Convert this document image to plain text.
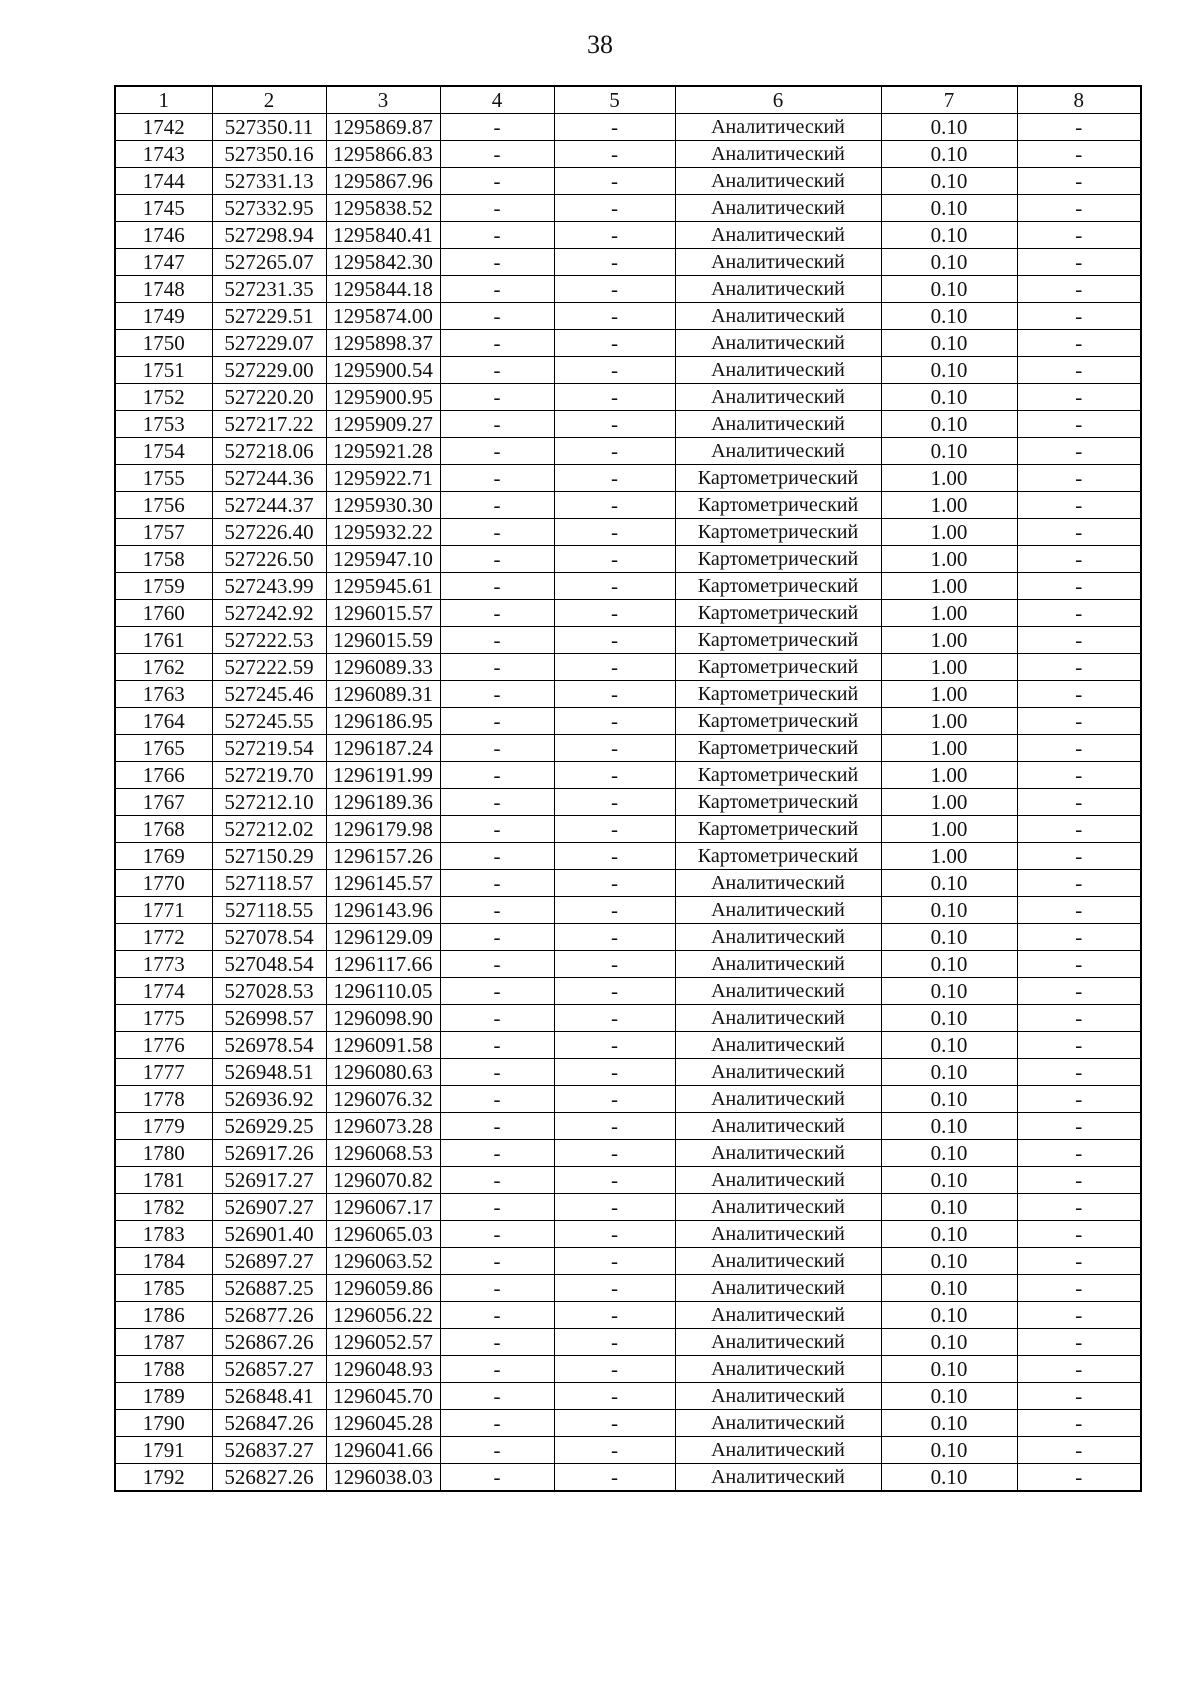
38
1	2	3	4	5	6	7	8
1742	527350.11	1295869.87	-	-	Аналитический	0.10	-
1743	527350.16	1295866.83	-	-	Аналитический	0.10	-
1744	527331.13	1295867.96	-	-	Аналитический	0.10	-
1745	527332.95	1295838.52	-	-	Аналитический	0.10	-
1746	527298.94	1295840.41	-	-	Аналитический	0.10	-
1747	527265.07	1295842.30	-	-	Аналитический	0.10	-
1748	527231.35	1295844.18	-	-	Аналитический	0.10	-
1749	527229.51	1295874.00	-	-	Аналитический	0.10	-
1750	527229.07	1295898.37	-	-	Аналитический	0.10	-
1751	527229.00	1295900.54	-	-	Аналитический	0.10	-
1752	527220.20	1295900.95	-	-	Аналитический	0.10	-
1753	527217.22	1295909.27	-	-	Аналитический	0.10	-
1754	527218.06	1295921.28	-	-	Аналитический	0.10	-
1755	527244.36	1295922.71	-	-	Картометрический	1.00	-
1756	527244.37	1295930.30	-	-	Картометрический	1.00	-
1757	527226.40	1295932.22	-	-	Картометрический	1.00	-
1758	527226.50	1295947.10	-	-	Картометрический	1.00	-
1759	527243.99	1295945.61	-	-	Картометрический	1.00	-
1760	527242.92	1296015.57	-	-	Картометрический	1.00	-
1761	527222.53	1296015.59	-	-	Картометрический	1.00	-
1762	527222.59	1296089.33	-	-	Картометрический	1.00	-
1763	527245.46	1296089.31	-	-	Картометрический	1.00	-
1764	527245.55	1296186.95	-	-	Картометрический	1.00	-
1765	527219.54	1296187.24	-	-	Картометрический	1.00	-
1766	527219.70	1296191.99	-	-	Картометрический	1.00	-
1767	527212.10	1296189.36	-	-	Картометрический	1.00	-
1768	527212.02	1296179.98	-	-	Картометрический	1.00	-
1769	527150.29	1296157.26	-	-	Картометрический	1.00	-
1770	527118.57	1296145.57	-	-	Аналитический	0.10	-
1771	527118.55	1296143.96	-	-	Аналитический	0.10	-
1772	527078.54	1296129.09	-	-	Аналитический	0.10	-
1773	527048.54	1296117.66	-	-	Аналитический	0.10	-
1774	527028.53	1296110.05	-	-	Аналитический	0.10	-
1775	526998.57	1296098.90	-	-	Аналитический	0.10	-
1776	526978.54	1296091.58	-	-	Аналитический	0.10	-
1777	526948.51	1296080.63	-	-	Аналитический	0.10	-
1778	526936.92	1296076.32	-	-	Аналитический	0.10	-
1779	526929.25	1296073.28	-	-	Аналитический	0.10	-
1780	526917.26	1296068.53	-	-	Аналитический	0.10	-
1781	526917.27	1296070.82	-	-	Аналитический	0.10	-
1782	526907.27	1296067.17	-	-	Аналитический	0.10	-
1783	526901.40	1296065.03	-	-	Аналитический	0.10	-
1784	526897.27	1296063.52	-	-	Аналитический	0.10	-
1785	526887.25	1296059.86	-	-	Аналитический	0.10	-
1786	526877.26	1296056.22	-	-	Аналитический	0.10	-
1787	526867.26	1296052.57	-	-	Аналитический	0.10	-
1788	526857.27	1296048.93	-	-	Аналитический	0.10	-
1789	526848.41	1296045.70	-	-	Аналитический	0.10	-
1790	526847.26	1296045.28	-	-	Аналитический	0.10	-
1791	526837.27	1296041.66	-	-	Аналитический	0.10	-
1792	526827.26	1296038.03	-	-	Аналитический	0.10	-
